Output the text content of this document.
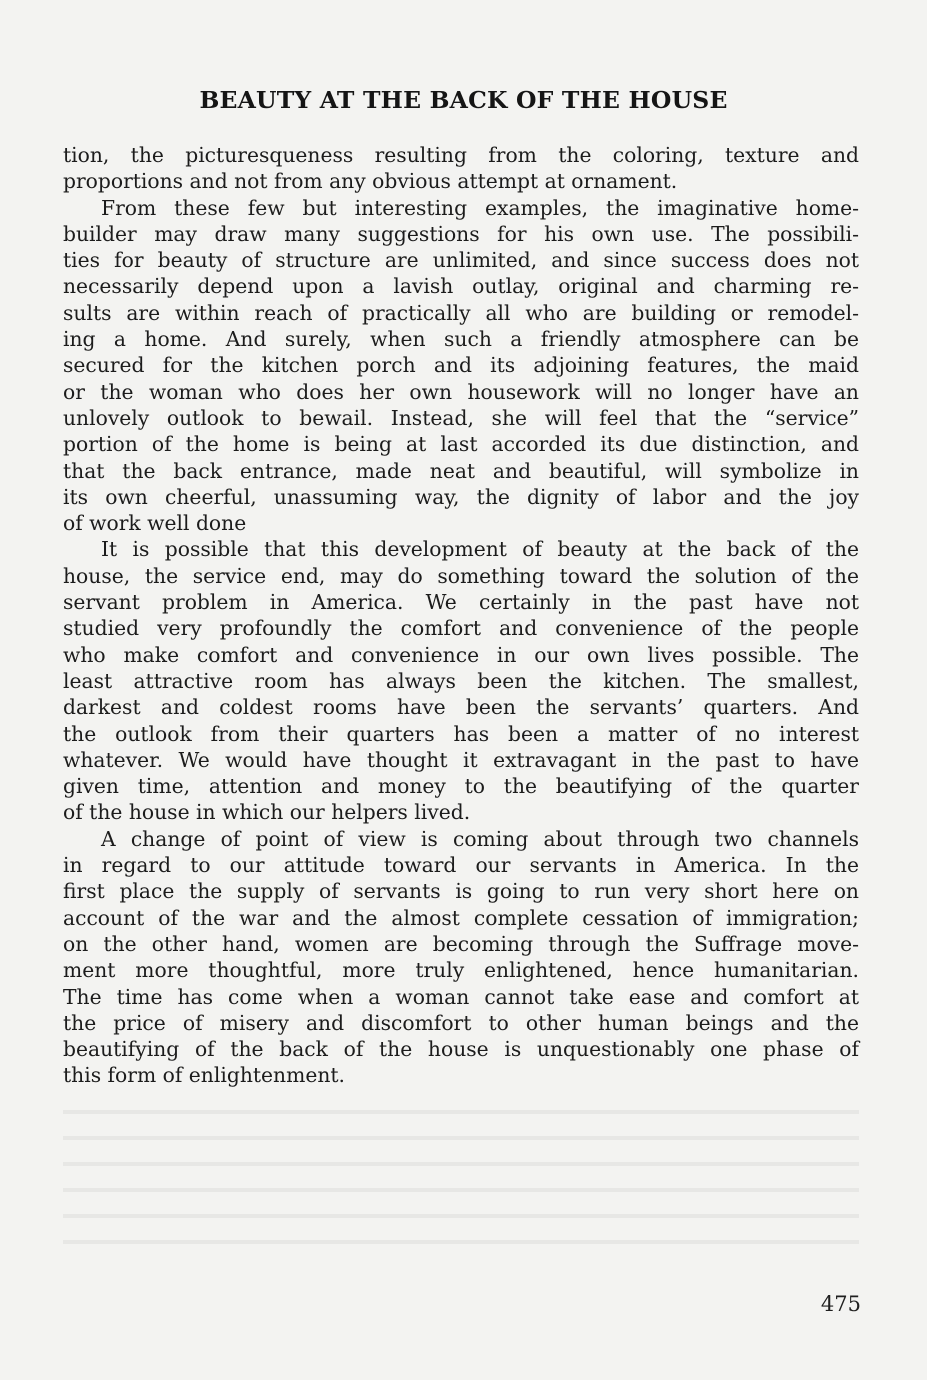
BEAUTY AT THE BACK OF THE HOUSE
tion, the picturesqueness resulting from the coloring, texture and
proportions and not from any obvious attempt at ornament.
From these few but interesting examples, the imaginative home-
builder may draw many suggestions for his own use. The possibili-
ties for beauty of structure are unlimited, and since success does not
necessarily depend upon a lavish outlay, original and charming re-
sults are within reach of practically all who are building or remodel-
ing a home. And surely, when such a friendly atmosphere can be
secured for the kitchen porch and its adjoining features, the maid
or the woman who does her own housework will no longer have an
unlovely outlook to bewail. Instead, she will feel that the “service”
portion of the home is being at last accorded its due distinction, and
that the back entrance, made neat and beautiful, will symbolize in
its own cheerful, unassuming way, the dignity of labor and the joy
of work well done
It is possible that this development of beauty at the back of the
house, the service end, may do something toward the solution of the
servant problem in America. We certainly in the past have not
studied very profoundly the comfort and convenience of the people
who make comfort and convenience in our own lives possible. The
least attractive room has always been the kitchen. The smallest,
darkest and coldest rooms have been the servants’ quarters. And
the outlook from their quarters has been a matter of no interest
whatever. We would have thought it extravagant in the past to have
given time, attention and money to the beautifying of the quarter
of the house in which our helpers lived.
A change of point of view is coming about through two channels
in regard to our attitude toward our servants in America. In the
first place the supply of servants is going to run very short here on
account of the war and the almost complete cessation of immigration;
on the other hand, women are becoming through the Suffrage move-
ment more thoughtful, more truly enlightened, hence humanitarian.
The time has come when a woman cannot take ease and comfort at
the price of misery and discomfort to other human beings and the
beautifying of the back of the house is unquestionably one phase of
this form of enlightenment.
475
